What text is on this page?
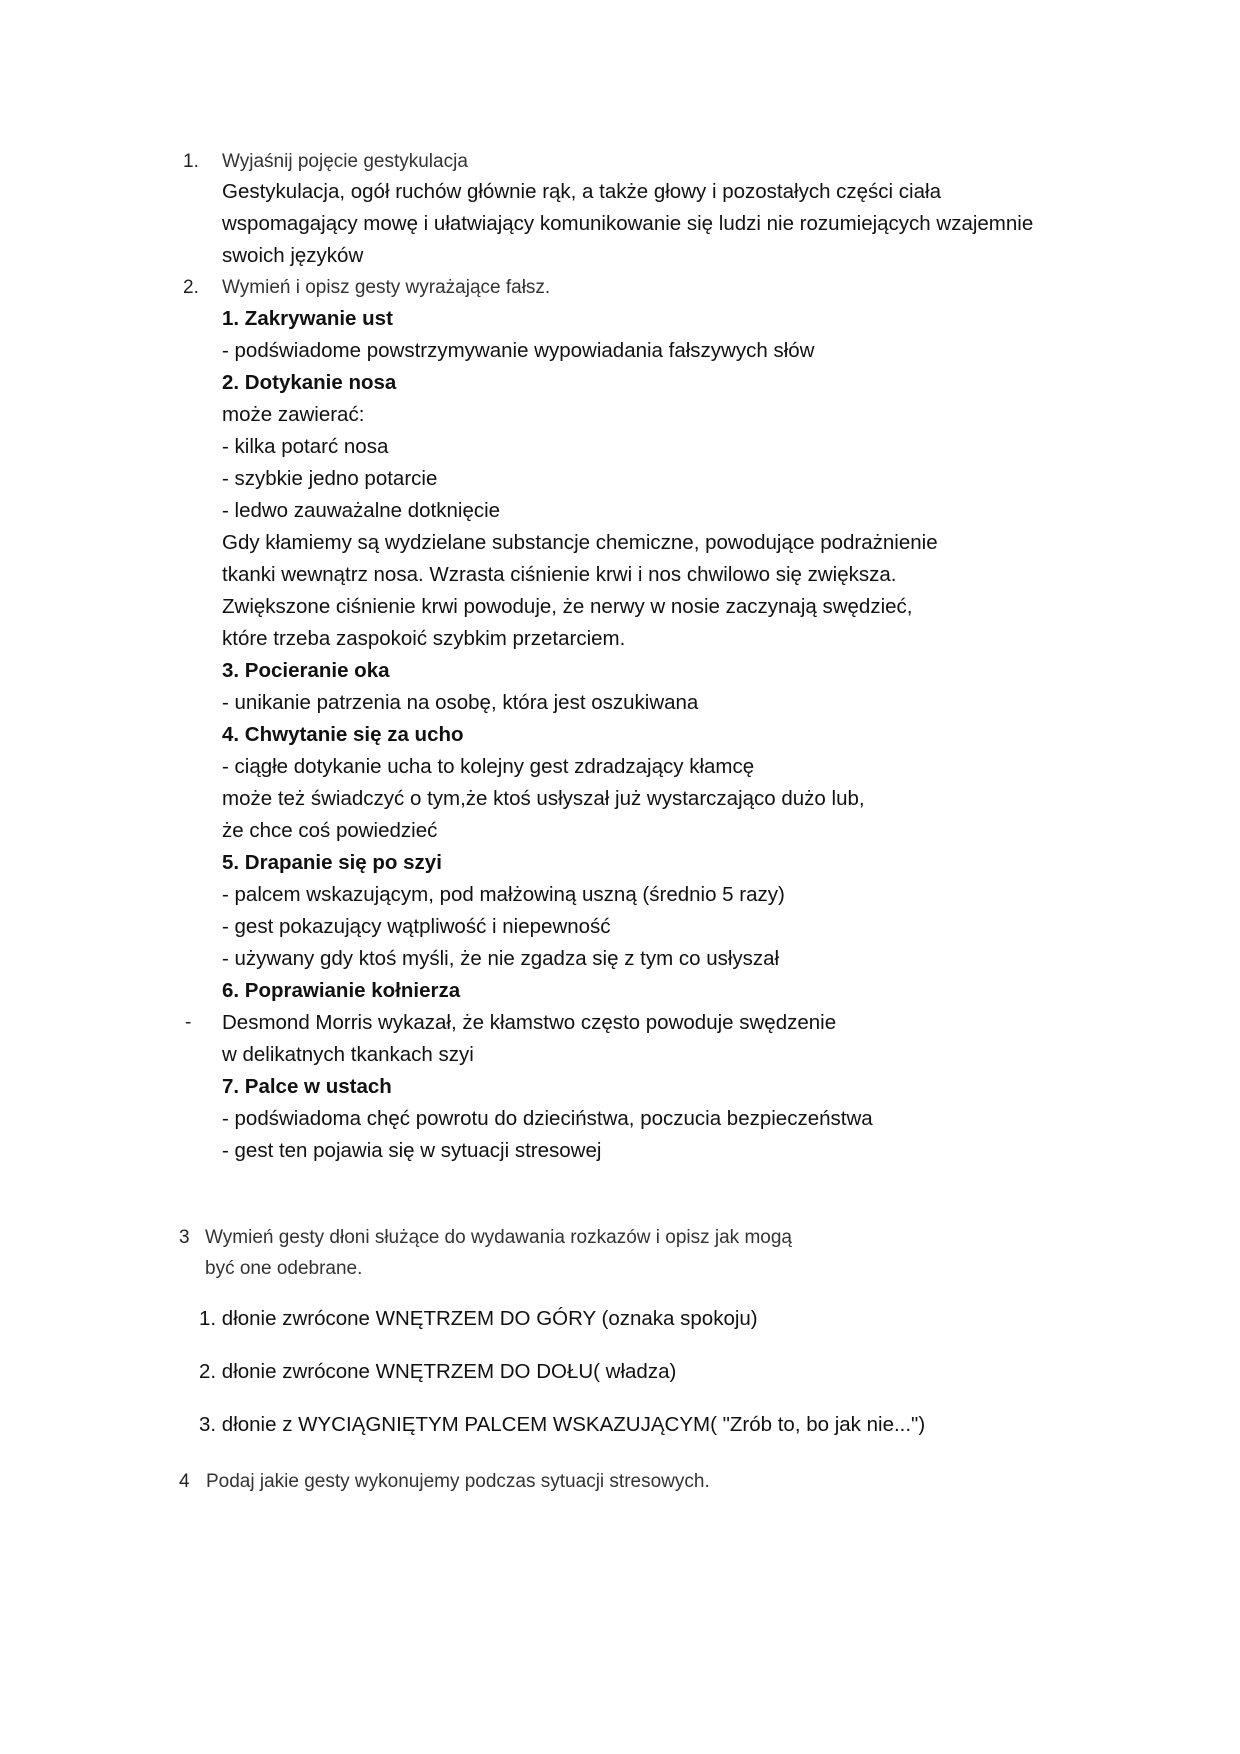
1. Wyjaśnij pojęcie gestykulacja
Gestykulacja, ogół ruchów głównie rąk, a także głowy i pozostałych części ciała
wspomagający mowę i ułatwiający komunikowanie się ludzi nie rozumiejących wzajemnie
swoich języków
2. Wymień i opisz gesty wyrażające fałsz.
1. Zakrywanie ust
- podświadome powstrzymywanie wypowiadania fałszywych słów
2. Dotykanie nosa
może zawierać:
- kilka potarć nosa
- szybkie jedno potarcie
- ledwo zauważalne dotknięcie
Gdy kłamiemy są wydzielane substancje chemiczne, powodujące podrażnienie
tkanki wewnątrz nosa. Wzrasta ciśnienie krwi i nos chwilowo się zwiększa.
Zwiększone ciśnienie krwi powoduje, że nerwy w nosie zaczynają swędzieć,
które trzeba zaspokoić szybkim przetarciem.
3. Pocieranie oka
- unikanie patrzenia na osobę, która jest oszukiwana
4. Chwytanie się za ucho
- ciągłe dotykanie ucha to kolejny gest zdradzający kłamcę
może też świadczyć o tym,że ktoś usłyszał już wystarczająco dużo lub,
że chce coś powiedzieć
5. Drapanie się po szyi
- palcem wskazującym, pod małżowiną uszną (średnio 5 razy)
- gest pokazujący wątpliwość i niepewność
- używany gdy ktoś myśli, że nie zgadza się z tym co usłyszał
6. Poprawianie kołnierza
- Desmond Morris wykazał, że kłamstwo często powoduje swędzenie
w delikatnych tkankach szyi
7. Palce w ustach
- podświadoma chęć powrotu do dzieciństwa, poczucia bezpieczeństwa
- gest ten pojawia się w sytuacji stresowej
3 Wymień gesty dłoni służące do wydawania rozkazów i opisz jak mogą
być one odebrane.
1. dłonie zwrócone WNĘTRZEM DO GÓRY (oznaka spokoju)
2. dłonie zwrócone WNĘTRZEM DO DOŁU( władza)
3. dłonie z WYCIĄGNIĘTYM PALCEM WSKAZUJĄCYM( "Zrób to, bo jak nie...")
4 Podaj jakie gesty wykonujemy podczas sytuacji stresowych.
